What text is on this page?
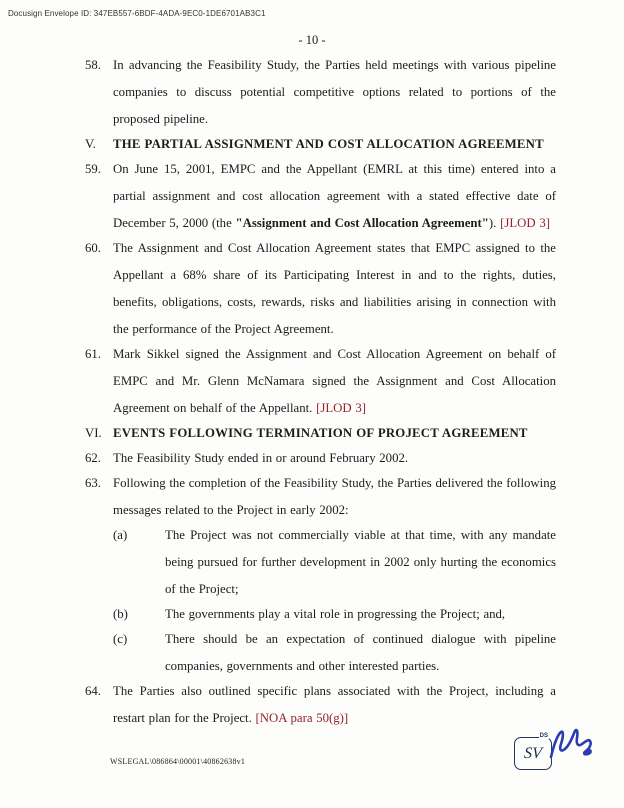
Docusign Envelope ID: 347EB557-6BDF-4ADA-9EC0-1DE6701AB3C1
- 10 -
58. In advancing the Feasibility Study, the Parties held meetings with various pipeline companies to discuss potential competitive options related to portions of the proposed pipeline.
V.	THE PARTIAL ASSIGNMENT AND COST ALLOCATION AGREEMENT
59. On June 15, 2001, EMPC and the Appellant (EMRL at this time) entered into a partial assignment and cost allocation agreement with a stated effective date of December 5, 2000 (the "Assignment and Cost Allocation Agreement"). [JLOD 3]
60. The Assignment and Cost Allocation Agreement states that EMPC assigned to the Appellant a 68% share of its Participating Interest in and to the rights, duties, benefits, obligations, costs, rewards, risks and liabilities arising in connection with the performance of the Project Agreement.
61. Mark Sikkel signed the Assignment and Cost Allocation Agreement on behalf of EMPC and Mr. Glenn McNamara signed the Assignment and Cost Allocation Agreement on behalf of the Appellant. [JLOD 3]
VI. EVENTS FOLLOWING TERMINATION OF PROJECT AGREEMENT
62. The Feasibility Study ended in or around February 2002.
63. Following the completion of the Feasibility Study, the Parties delivered the following messages related to the Project in early 2002:
(a)	The Project was not commercially viable at that time, with any mandate being pursued for further development in 2002 only hurting the economics of the Project;
(b)	The governments play a vital role in progressing the Project; and,
(c)	There should be an expectation of continued dialogue with pipeline companies, governments and other interested parties.
64. The Parties also outlined specific plans associated with the Project, including a restart plan for the Project. [NOA para 50(g)]
WSLEGAL\086864\00001\40862638v1
DS
SV
